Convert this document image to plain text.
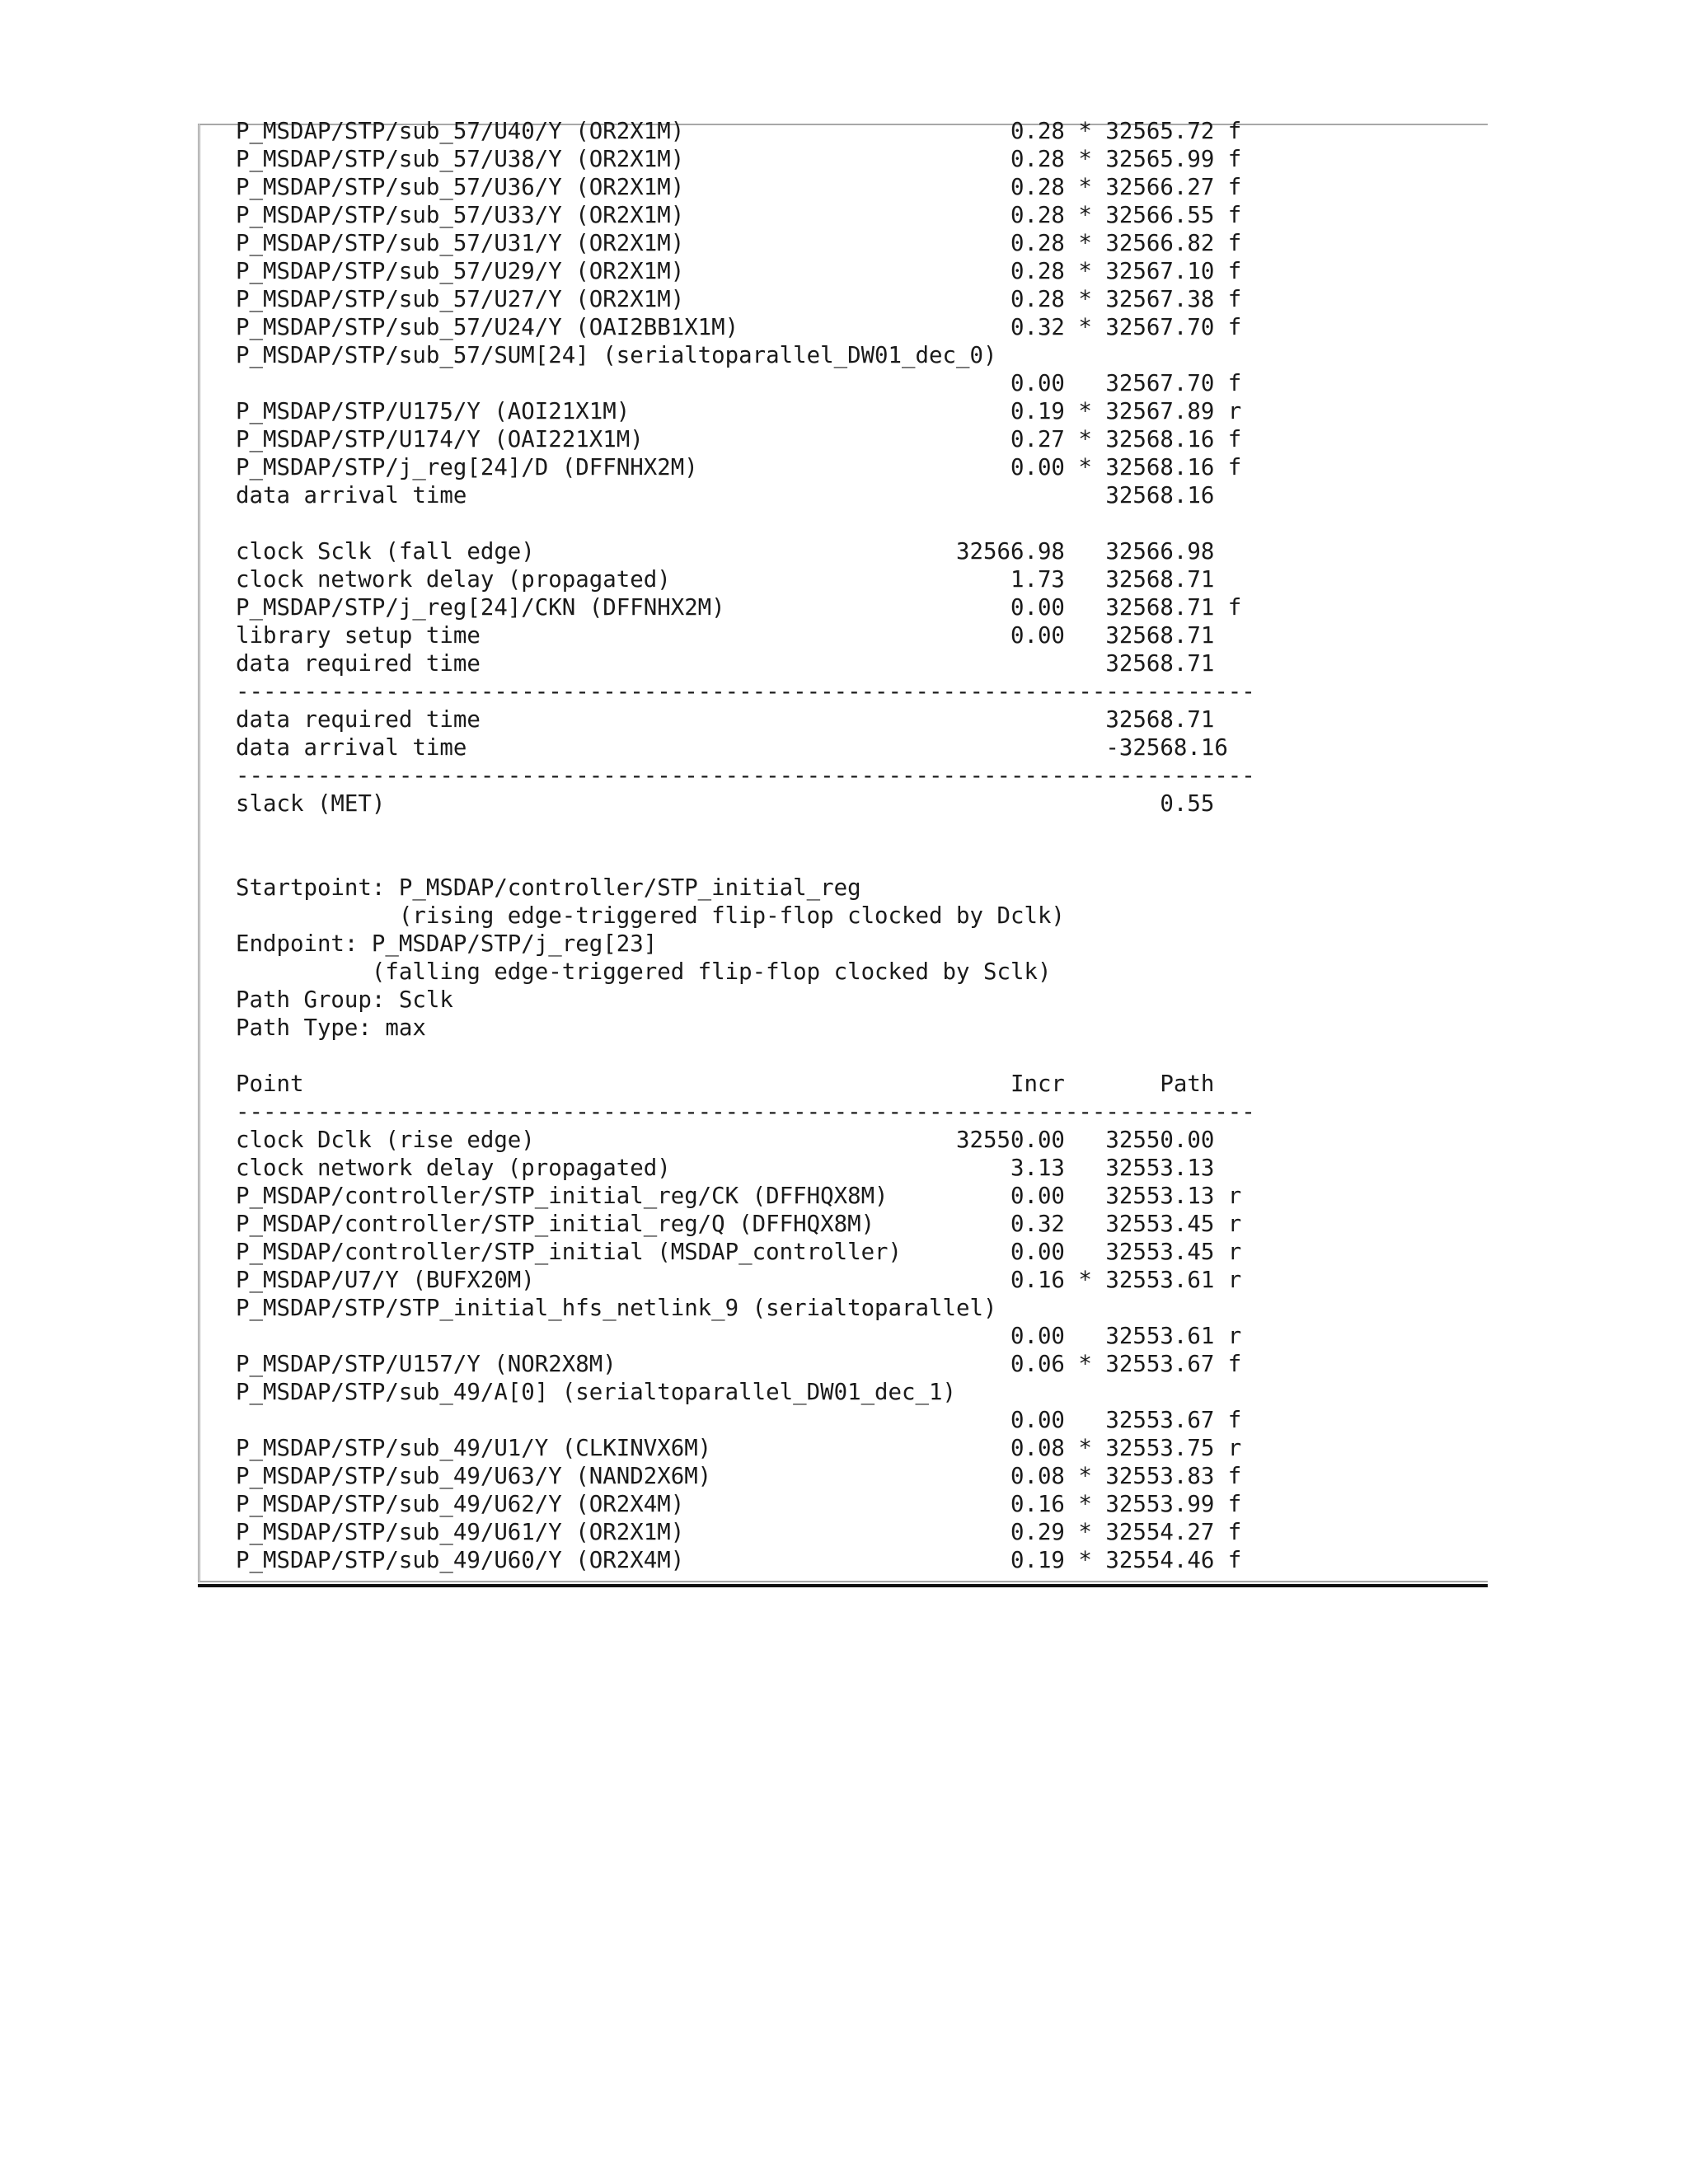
P_MSDAP/STP/sub_57/U40/Y (OR2X1M)                        0.28 * 32565.72 f
P_MSDAP/STP/sub_57/U38/Y (OR2X1M)                        0.28 * 32565.99 f
P_MSDAP/STP/sub_57/U36/Y (OR2X1M)                        0.28 * 32566.27 f
P_MSDAP/STP/sub_57/U33/Y (OR2X1M)                        0.28 * 32566.55 f
P_MSDAP/STP/sub_57/U31/Y (OR2X1M)                        0.28 * 32566.82 f
P_MSDAP/STP/sub_57/U29/Y (OR2X1M)                        0.28 * 32567.10 f
P_MSDAP/STP/sub_57/U27/Y (OR2X1M)                        0.28 * 32567.38 f
P_MSDAP/STP/sub_57/U24/Y (OAI2BB1X1M)                    0.32 * 32567.70 f
P_MSDAP/STP/sub_57/SUM[24] (serialtoparallel_DW01_dec_0)
0.00   32567.70 f
P_MSDAP/STP/U175/Y (AOI21X1M)                            0.19 * 32567.89 r
P_MSDAP/STP/U174/Y (OAI221X1M)                           0.27 * 32568.16 f
P_MSDAP/STP/j_reg[24]/D (DFFNHX2M)                       0.00 * 32568.16 f
data arrival time                                               32568.16
clock Sclk (fall edge)                               32566.98   32566.98
clock network delay (propagated)                         1.73   32568.71
P_MSDAP/STP/j_reg[24]/CKN (DFFNHX2M)                     0.00   32568.71 f
library setup time                                       0.00   32568.71
data required time                                              32568.71
---------------------------------------------------------------------------
data required time                                              32568.71
data arrival time                                               -32568.16
---------------------------------------------------------------------------
slack (MET)                                                         0.55
Startpoint: P_MSDAP/controller/STP_initial_reg
(rising edge-triggered flip-flop clocked by Dclk)
Endpoint: P_MSDAP/STP/j_reg[23]
(falling edge-triggered flip-flop clocked by Sclk)
Path Group: Sclk
Path Type: max
Point                                                    Incr       Path
---------------------------------------------------------------------------
clock Dclk (rise edge)                               32550.00   32550.00
clock network delay (propagated)                         3.13   32553.13
P_MSDAP/controller/STP_initial_reg/CK (DFFHQX8M)         0.00   32553.13 r
P_MSDAP/controller/STP_initial_reg/Q (DFFHQX8M)          0.32   32553.45 r
P_MSDAP/controller/STP_initial (MSDAP_controller)        0.00   32553.45 r
P_MSDAP/U7/Y (BUFX20M)                                   0.16 * 32553.61 r
P_MSDAP/STP/STP_initial_hfs_netlink_9 (serialtoparallel)
0.00   32553.61 r
P_MSDAP/STP/U157/Y (NOR2X8M)                             0.06 * 32553.67 f
P_MSDAP/STP/sub_49/A[0] (serialtoparallel_DW01_dec_1)
0.00   32553.67 f
P_MSDAP/STP/sub_49/U1/Y (CLKINVX6M)                      0.08 * 32553.75 r
P_MSDAP/STP/sub_49/U63/Y (NAND2X6M)                      0.08 * 32553.83 f
P_MSDAP/STP/sub_49/U62/Y (OR2X4M)                        0.16 * 32553.99 f
P_MSDAP/STP/sub_49/U61/Y (OR2X1M)                        0.29 * 32554.27 f
P_MSDAP/STP/sub_49/U60/Y (OR2X4M)                        0.19 * 32554.46 f
